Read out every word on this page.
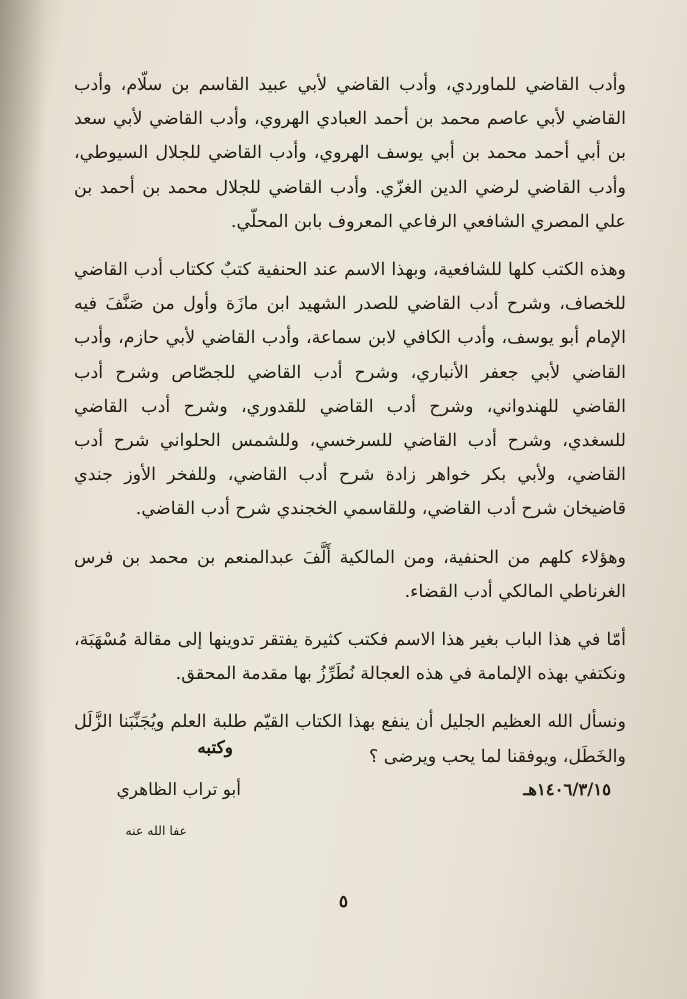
وأدب القاضي للماوردي، وأدب القاضي لأبي عبيد القاسم بن سلّام، وأدب القاضي لأبي عاصم محمد بن أحمد العبادي الهروي، وأدب القاضي لأبي سعد بن أبي أحمد محمد بن أبي يوسف الهروي، وأدب القاضي للجلال السيوطي، وأدب القاضي لرضي الدين الغزّي. وأدب القاضي للجلال محمد بن أحمد بن علي المصري الشافعي الرفاعي المعروف بابن المحلّي.

وهذه الكتب كلها للشافعية، وبهذا الاسم عند الحنفية كتبٌ ككتاب أدب القاضي للخصاف، وشرح أدب القاضي للصدر الشهيد ابن مازَة وأول من صَنَّفَ فيه الإمام أبو يوسف، وأدب الكافي لابن سماعة، وأدب القاضي لأبي حازم، وأدب القاضي لأبي جعفر الأنباري، وشرح أدب القاضي للجصّاص وشرح أدب القاضي للهندواني، وشرح أدب القاضي للقدوري، وشرح أدب القاضي للسغدي، وشرح أدب القاضي للسرخسي، وللشمس الحلواني شرح أدب القاضي، ولأبي بكر خواهر زادة شرح أدب القاضي، وللفخر الأوز جندي قاضيخان شرح أدب القاضي، وللقاسمي الخجندي شرح أدب القاضي.

وهؤلاء كلهم من الحنفية، ومن المالكية أَلَّفَ عبدالمنعم بن محمد بن فرس الغرناطي المالكي أدب القضاء.

أمّا في هذا الباب بغير هذا الاسم فكتب كثيرة يفتقر تدوينها إلى مقالة مُسْهَبَة، ونكتفي بهذه الإلمامة في هذه العجالة نُطَرِّزُ بها مقدمة المحقق.

ونسأل الله العظيم الجليل أن ينفع بهذا الكتاب القيّم طلبة العلم ويُجَنِّبَنا الزَّلَل والخَطَل، ويوفقنا لما يحب ويرضى ؟

وكتبه
أبو تراب الظاهري
عفا الله عنه
١٤٠٦/٣/١٥هـ
٥
